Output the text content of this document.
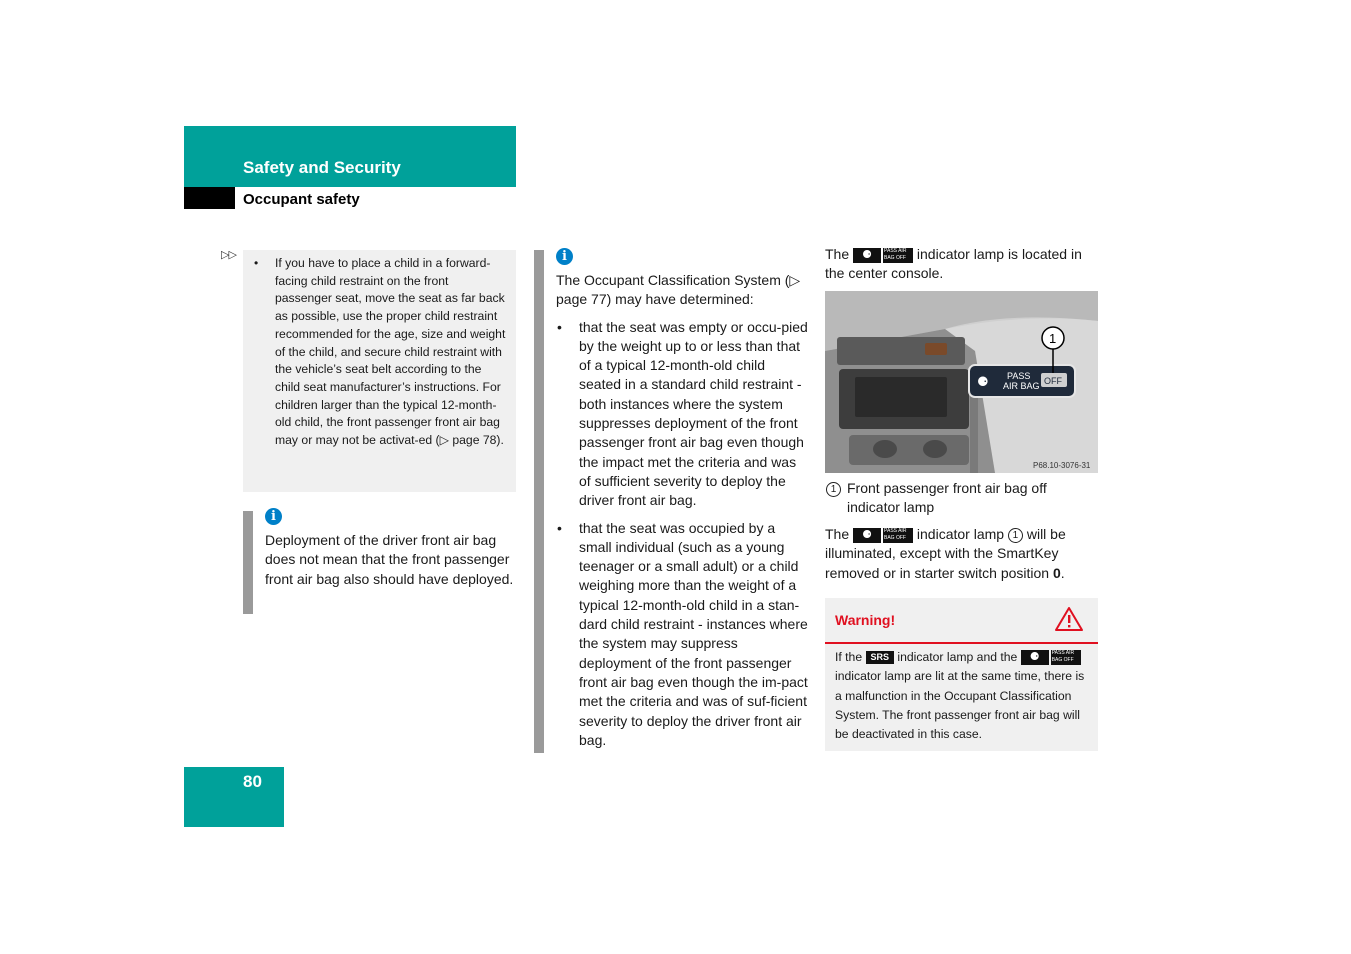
Safety and Security
Occupant safety
▷▷
• If you have to place a child in a forward-facing child restraint on the front passenger seat, move the seat as far back as possible, use the proper child restraint recommended for the age, size and weight of the child, and secure child restraint with the vehicle’s seat belt according to the child seat manufacturer’s instructions. For children larger than the typical 12-month-old child, the front passenger front air bag may or may not be activat-ed (▷ page 78).
i
Deployment of the driver front air bag does not mean that the front passenger front air bag also should have deployed.
i

The Occupant Classification System (▷ page 77) may have determined:

• that the seat was empty or occu-pied by the weight up to or less than that of a typical 12-month-old child seated in a standard child restraint - both instances where the system suppresses deployment of the front passenger front air bag even though the impact met the criteria and was of sufficient severity to deploy the driver front air bag.
• that the seat was occupied by a small individual (such as a young teenager or a small adult) or a child weighing more than the weight of a typical 12-month-old child in a stan-dard child restraint - instances where the system may suppress deployment of the front passenger front air bag even though the im-pact met the criteria and was of suf-ficient severity to deploy the driver front air bag.

The ⚈ PASS AIR BAG OFF indicator lamp is located in the center console.

⚈ PASS
AIR BAG OFF
1
P68.10-3076-31
1 Front passenger front air bag off indicator lamp
The ⚈ PASS AIR BAG OFF indicator lamp 1 will be illuminated, except with the SmartKey removed or in starter switch position 0.
Warning!
If the SRS indicator lamp and the ⚈ PASS AIR BAG OFF indicator lamp are lit at the same time, there is a malfunction in the Occupant Classification System. The front passenger front air bag will be deactivated in this case.
80
